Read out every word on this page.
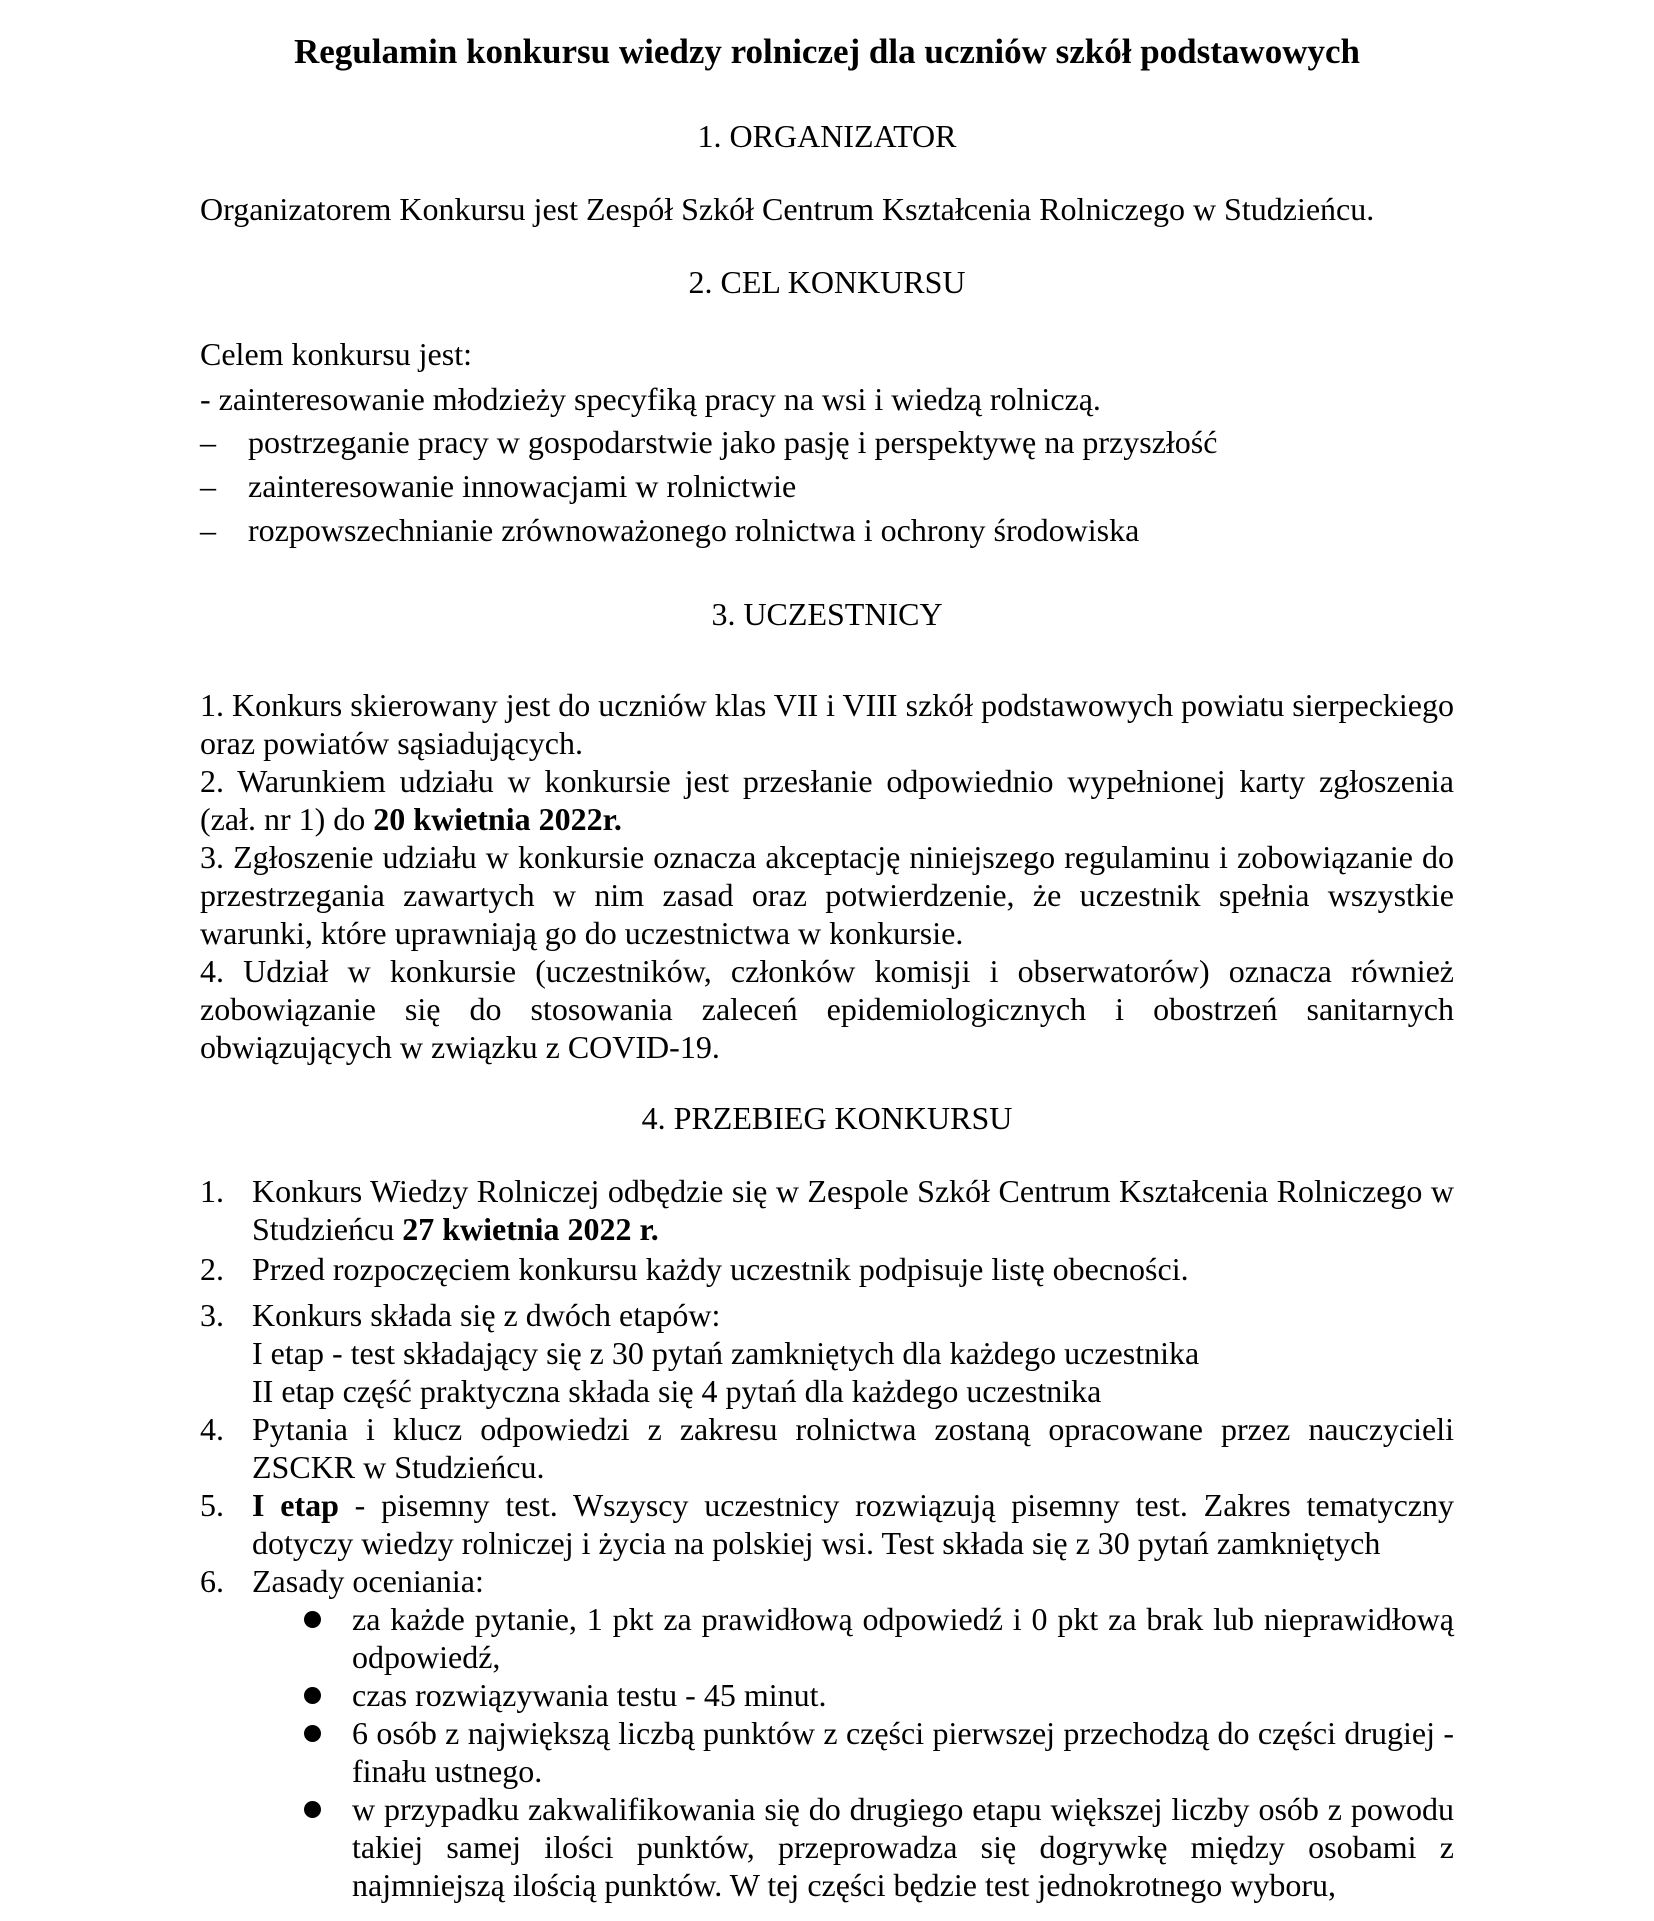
Regulamin konkursu wiedzy rolniczej dla uczniów szkół podstawowych
1. ORGANIZATOR
Organizatorem Konkursu jest Zespół Szkół Centrum Kształcenia Rolniczego w Studzieńcu.
2. CEL KONKURSU
Celem konkursu jest:
- zainteresowanie młodzieży specyfiką pracy na wsi i wiedzą rolniczą.
– postrzeganie pracy w gospodarstwie jako pasję i perspektywę na przyszłość
– zainteresowanie innowacjami w rolnictwie
– rozpowszechnianie zrównoważonego rolnictwa i ochrony środowiska
3. UCZESTNICY
1. Konkurs skierowany jest do uczniów klas VII i VIII szkół podstawowych powiatu sierpeckiego oraz powiatów sąsiadujących.
2. Warunkiem udziału w konkursie jest przesłanie odpowiednio wypełnionej karty zgłoszenia (zał. nr 1) do 20 kwietnia 2022r.
3. Zgłoszenie udziału w konkursie oznacza akceptację niniejszego regulaminu i zobowiązanie do przestrzegania zawartych w nim zasad oraz potwierdzenie, że uczestnik spełnia wszystkie warunki, które uprawniają go do uczestnictwa w konkursie.
4. Udział w konkursie (uczestników, członków komisji i obserwatorów) oznacza również zobowiązanie się do stosowania zaleceń epidemiologicznych i obostrzeń sanitarnych obwiązujących w związku z COVID-19.
4. PRZEBIEG KONKURSU
1. Konkurs Wiedzy Rolniczej odbędzie się w Zespole Szkół Centrum Kształcenia Rolniczego w Studzieńcu 27 kwietnia 2022 r.
2. Przed rozpoczęciem konkursu każdy uczestnik podpisuje listę obecności.
3. Konkurs składa się z dwóch etapów:
I etap - test składający się z 30 pytań zamkniętych dla każdego uczestnika
II etap część praktyczna składa się 4 pytań dla każdego uczestnika
4. Pytania i klucz odpowiedzi z zakresu rolnictwa zostaną opracowane przez nauczycieli ZSCKR w Studzieńcu.
5. I etap - pisemny test. Wszyscy uczestnicy rozwiązują pisemny test. Zakres tematyczny dotyczy wiedzy rolniczej i życia na polskiej wsi. Test składa się z 30 pytań zamkniętych
6. Zasady oceniania:
za każde pytanie, 1 pkt za prawidłową odpowiedź i 0 pkt za brak lub nieprawidłową odpowiedź,
czas rozwiązywania testu - 45 minut.
6 osób z największą liczbą punktów z części pierwszej przechodzą do części drugiej - finału ustnego.
w przypadku zakwalifikowania się do drugiego etapu większej liczby osób z powodu takiej samej ilości punktów, przeprowadza się dogrywkę między osobami z najmniejszą ilością punktów. W tej części będzie test jednokrotnego wyboru,
